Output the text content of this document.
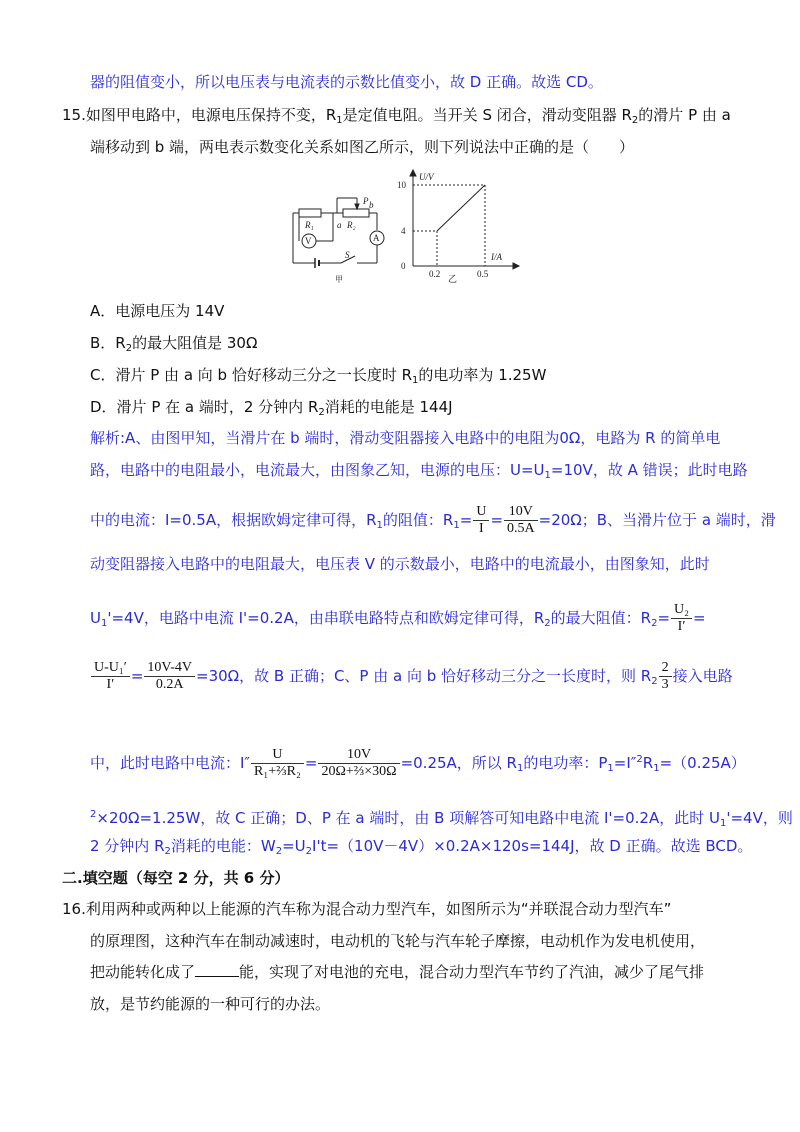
器的阻值变小，所以电压表与电流表的示数比值变小，故 D 正确。故选 CD。
15.如图甲电路中，电源电压保持不变，$R_1$是定值电阻。当开关 S 闭合，滑动变阻器 $R_2$的滑片 P 由 a
端移动到 b 端，两电表示数变化关系如图乙所示，则下列说法中正确的是（　　）
R₁	R₂
P
a
b
V	A
S
甲
U/V
I/A
0
10
4
0.2	0.5
乙
A．电源电压为 14V
B．$R_2$的最大阻值是 30Ω
C．滑片 P 由 a 向 b 恰好移动三分之一长度时 $R_1$的电功率为 1.25W
D．滑片 P 在 a 端时，2 分钟内 $R_2$消耗的电能是 144J
解析:A、由图甲知，当滑片在 b 端时，滑动变阻器接入电路中的电阻为0Ω，电路为 R 的简单电
路，电路中的电阻最小，电流最大，由图象乙知，电源的电压：$U=U_1=10V$，故 A 错误；此时电路
中的电流：I=0.5A，根据欧姆定律可得，$R_1$的阻值：$R_1= \frac{U}{I} = \frac{10V}{0.5A} =20\Omega$；B、当滑片位于 a 端时，滑
动变阻器接入电路中的电阻最大，电压表 V 的示数最小，电路中的电流最小，由图象知，此时
$U_1'=4V$，电路中电流 I'=0.2A，由串联电路特点和欧姆定律可得，$R_2$的最大阻值：$R_2= \frac{\text{U₂}}{I'}$ =
$\frac{\text{U-U₁′}}{I'} = \frac{10V-4V}{0.2A} =30\Omega$，故 B 正确；C、P 由 a 向 b 恰好移动三分之一长度时，则 $R_2 \frac{2}{3}$ 接入电路
中，此时电路中电流：$I'' \frac{U}{\text{R₁+⅔R₂}} = \frac{10V}{\text{20Ω+⅔×30Ω}} =0.25A$，所以 $R_1$的电功率：$P_1=I''^2R_1=(0.25A)$
$^2$×20Ω=1.25W，故 C 正确；D、P 在 a 端时，由 B 项解答可知电路中电流 I'=0.2A，此时 $U_1'=4V$，则
2 分钟内 $R_2$消耗的电能：$W_2=U_2I't=(10V-4V)\times 0.2A\times 120s=144J$，故 D 正确。故选 BCD。
二.填空题（每空 2 分，共 6 分）
16.利用两种或两种以上能源的汽车称为混合动力型汽车，如图所示为“并联混合动力型汽车”
的原理图，这种汽车在制动减速时，电动机的飞轮与汽车轮子摩擦，电动机作为发电机使用，
把动能转化成了	能，实现了对电池的充电，混合动力型汽车节约了汽油，减少了尾气排
放，是节约能源的一种可行的办法。
